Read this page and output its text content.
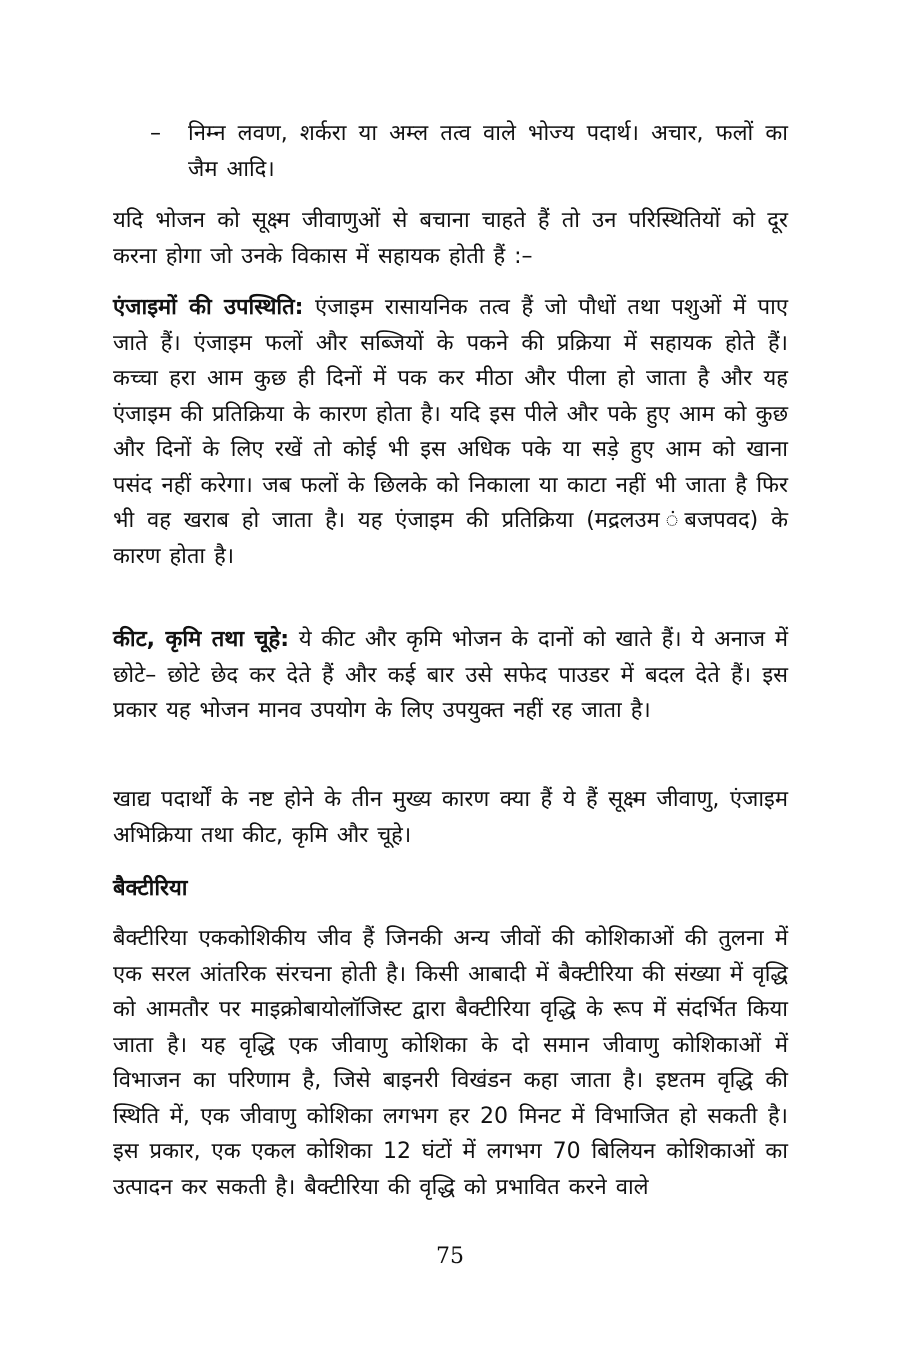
– निम्न लवण, शर्करा या अम्ल तत्व वाले भोज्य पदार्थ। अचार, फलों का जैम आदि।

यदि भोजन को सूक्ष्म जीवाणुओं से बचाना चाहते हैं तो उन परिस्थितियों को दूर करना होगा जो उनके विकास में सहायक होती हैं :–

एंजाइमों की उपस्थिति: एंजाइम रासायनिक तत्व हैं जो पौधों तथा पशुओं में पाए जाते हैं। एंजाइम फलों और सब्जियों के पकने की प्रक्रिया में सहायक होते हैं। कच्चा हरा आम कुछ ही दिनों में पक कर मीठा और पीला हो जाता है और यह एंजाइम की प्रतिक्रिया के कारण होता है। यदि इस पीले और पके हुए आम को कुछ और दिनों के लिए रखें तो कोई भी इस अधिक पके या सड़े हुए आम को खाना पसंद नहीं करेगा। जब फलों के छिलके को निकाला या काटा नहीं भी जाता है फिर भी वह खराब हो जाता है। यह एंजाइम की प्रतिक्रिया (मद्रलउम ंबजपवद) के कारण होता है।

कीट, कृमि तथा चूहे: ये कीट और कृमि भोजन के दानों को खाते हैं। ये अनाज में छोटे– छोटे छेद कर देते हैं और कई बार उसे सफेद पाउडर में बदल देते हैं। इस प्रकार यह भोजन मानव उपयोग के लिए उपयुक्त नहीं रह जाता है।

खाद्य पदार्थों के नष्ट होने के तीन मुख्य कारण क्या हैं ये हैं सूक्ष्म जीवाणु, एंजाइम अभिक्रिया तथा कीट, कृमि और चूहे।

बैक्टीरिया

बैक्टीरिया एककोशिकीय जीव हैं जिनकी अन्य जीवों की कोशिकाओं की तुलना में एक सरल आंतरिक संरचना होती है। किसी आबादी में बैक्टीरिया की संख्या में वृद्धि को आमतौर पर माइक्रोबायोलॉजिस्ट द्वारा बैक्टीरिया वृद्धि के रूप में संदर्भित किया जाता है। यह वृद्धि एक जीवाणु कोशिका के दो समान जीवाणु कोशिकाओं में विभाजन का परिणाम है, जिसे बाइनरी विखंडन कहा जाता है। इष्टतम वृद्धि की स्थिति में, एक जीवाणु कोशिका लगभग हर 20 मिनट में विभाजित हो सकती है। इस प्रकार, एक एकल कोशिका 12 घंटों में लगभग 70 बिलियन कोशिकाओं का उत्पादन कर सकती है। बैक्टीरिया की वृद्धि को प्रभावित करने वाले

75
